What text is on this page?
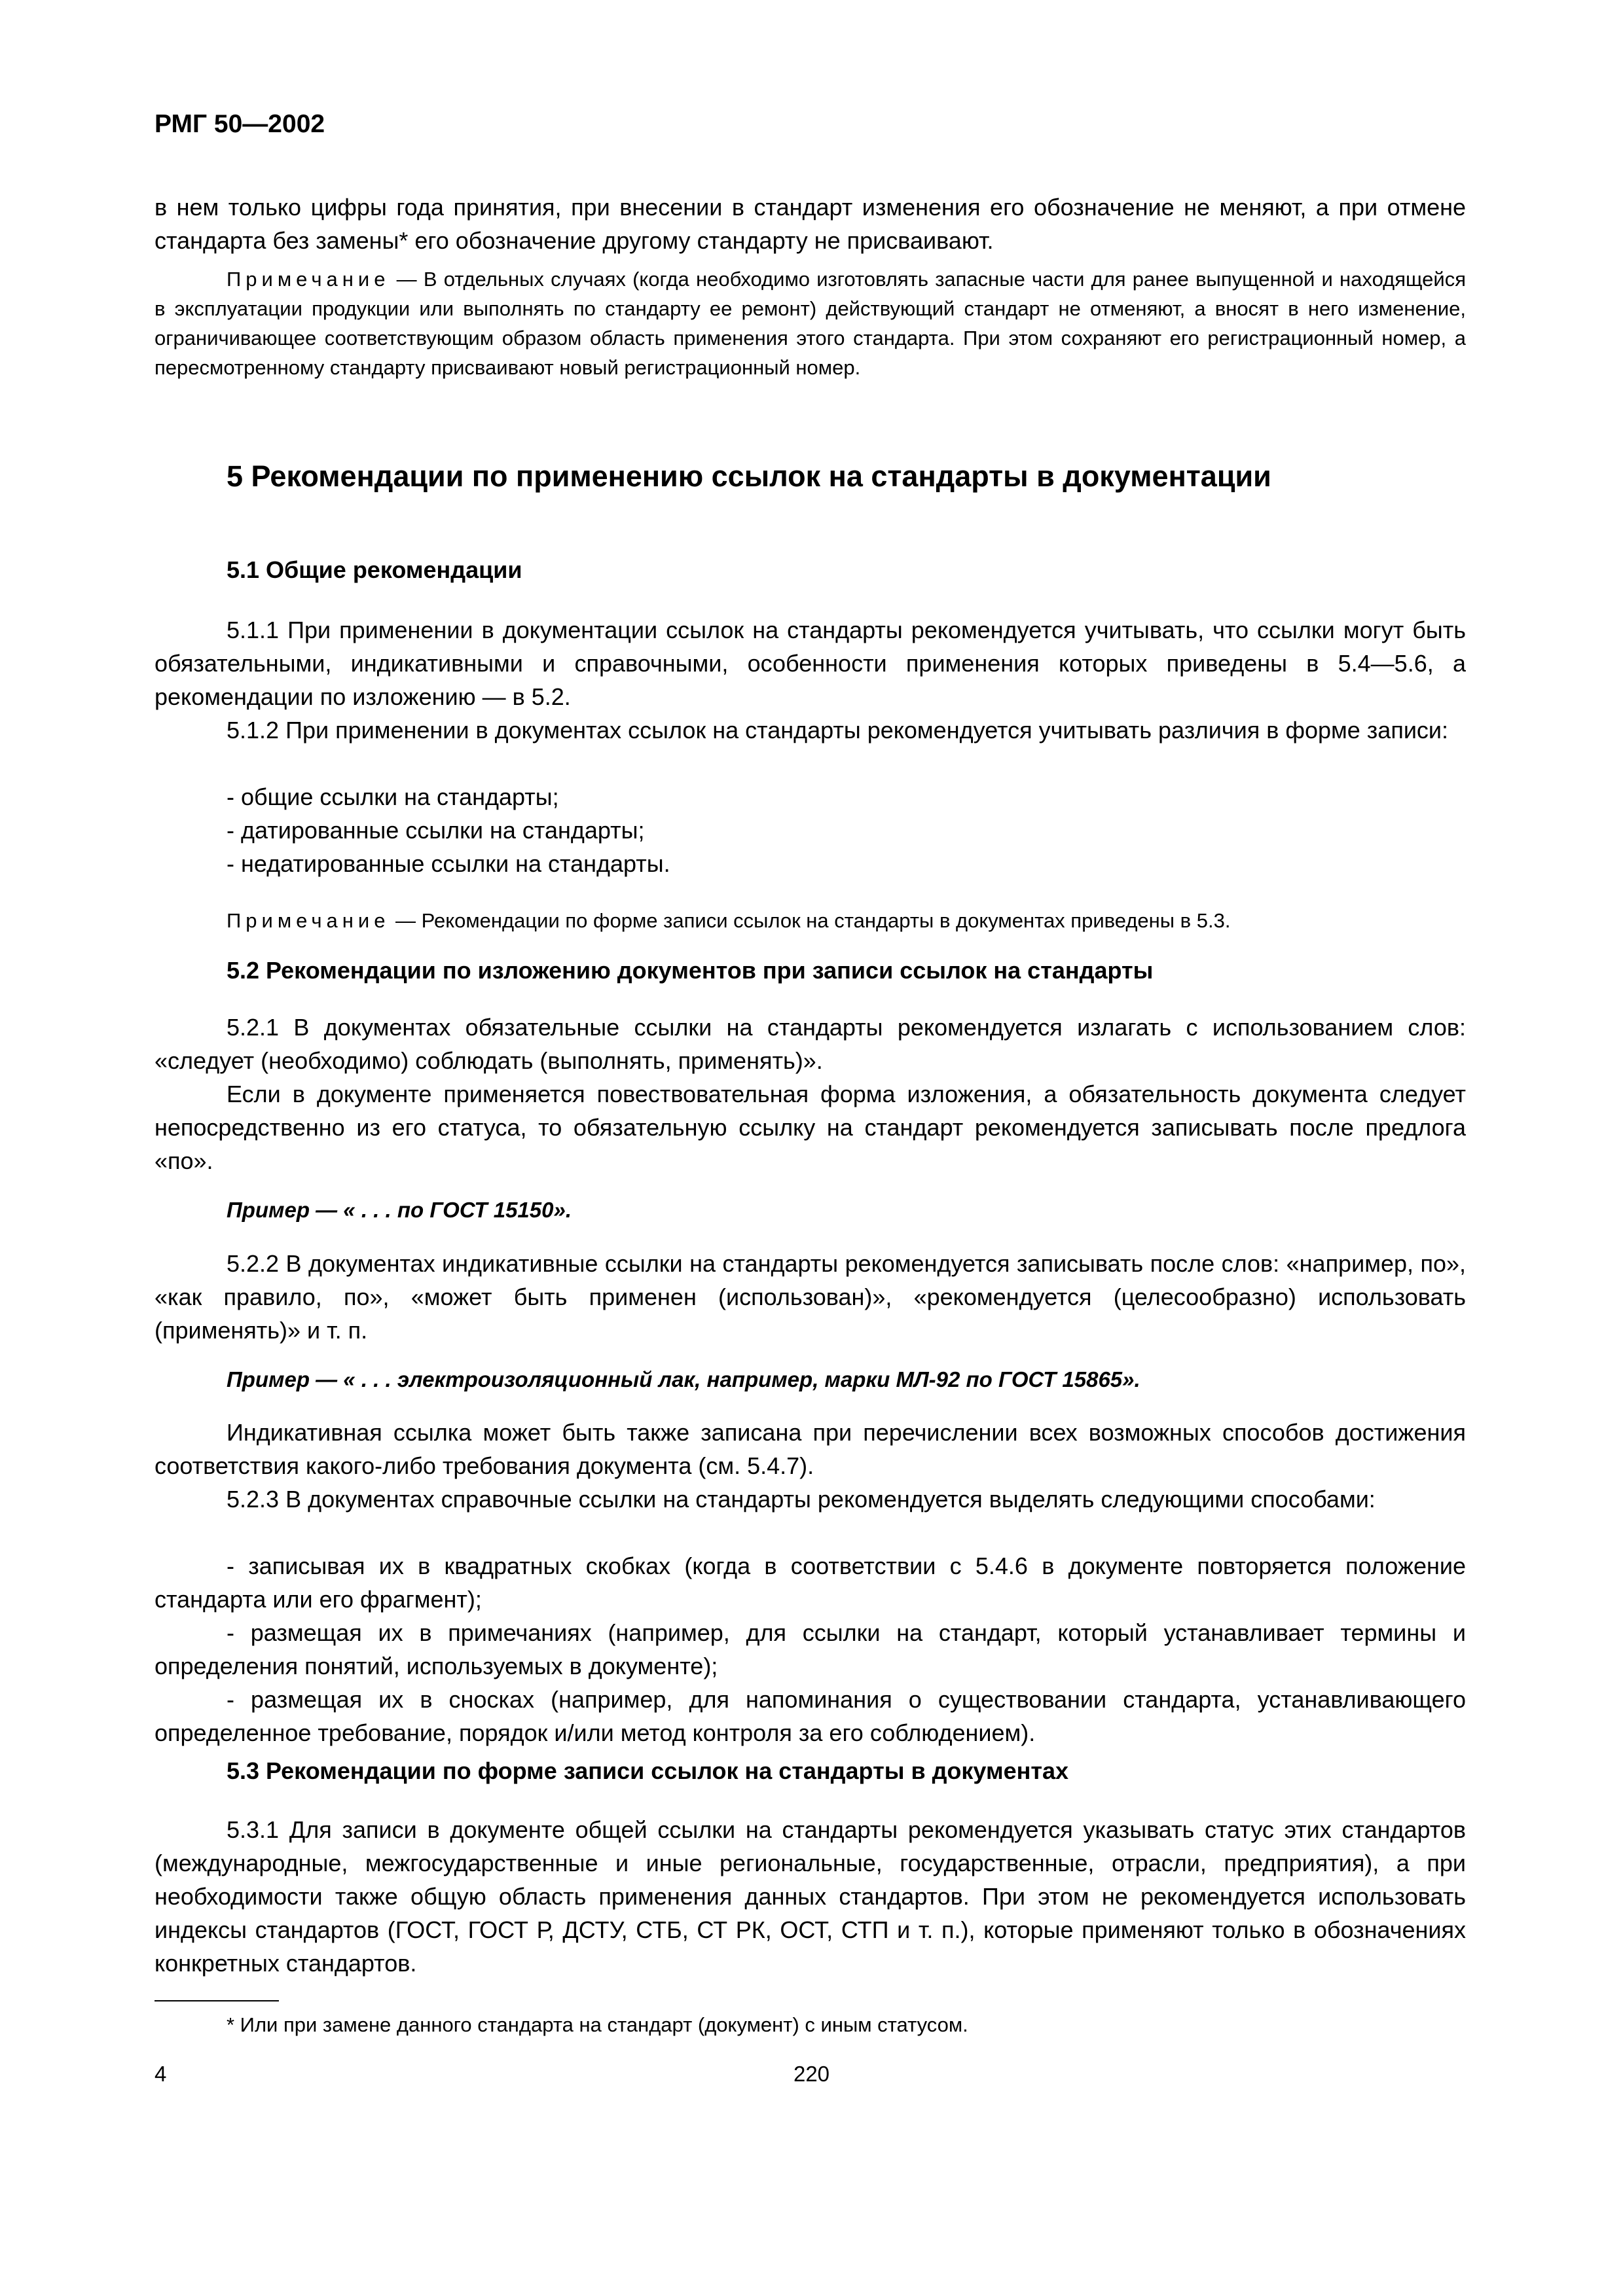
РМГ 50—2002

в нем только цифры года принятия, при внесении в стандарт изменения его обозначение не меняют, а при отмене стандарта без замены* его обозначение другому стандарту не присваивают.

Примечание — В отдельных случаях (когда необходимо изготовлять запасные части для ранее выпущенной и находящейся в эксплуатации продукции или выполнять по стандарту ее ремонт) действующий стандарт не отменяют, а вносят в него изменение, ограничивающее соответствующим образом область применения этого стандарта. При этом сохраняют его регистрационный номер, а пересмотренному стандарту присваивают новый регистрационный номер.

5 Рекомендации по применению ссылок на стандарты в документации
5.1 Общие рекомендации

5.1.1 При применении в документации ссылок на стандарты рекомендуется учитывать, что ссылки могут быть обязательными, индикативными и справочными, особенности применения которых приведены в 5.4—5.6, а рекомендации по изложению — в 5.2.

5.1.2 При применении в документах ссылок на стандарты рекомендуется учитывать различия в форме записи:

- общие ссылки на стандарты;

- датированные ссылки на стандарты;

- недатированные ссылки на стандарты.

Примечание — Рекомендации по форме записи ссылок на стандарты в документах приведены в 5.3.

5.2 Рекомендации по изложению документов при записи ссылок на стандарты

5.2.1 В документах обязательные ссылки на стандарты рекомендуется излагать с использованием слов: «следует (необходимо) соблюдать (выполнять, применять)».

Если в документе применяется повествовательная форма изложения, а обязательность документа следует непосредственно из его статуса, то обязательную ссылку на стандарт рекомендуется записывать после предлога «по».

Пример — « . . . по ГОСТ 15150».

5.2.2 В документах индикативные ссылки на стандарты рекомендуется записывать после слов: «например, по», «как правило, по», «может быть применен (использован)», «рекомендуется (целесообразно) использовать (применять)» и т. п.

Пример — « . . . электроизоляционный лак, например, марки МЛ-92 по ГОСТ 15865».

Индикативная ссылка может быть также записана при перечислении всех возможных способов достижения соответствия какого-либо требования документа (см. 5.4.7).

5.2.3 В документах справочные ссылки на стандарты рекомендуется выделять следующими способами:

- записывая их в квадратных скобках (когда в соответствии с 5.4.6 в документе повторяется положение стандарта или его фрагмент);

- размещая их в примечаниях (например, для ссылки на стандарт, который устанавливает термины и определения понятий, используемых в документе);

- размещая их в сносках (например, для напоминания о существовании стандарта, устанавливающего определенное требование, порядок и/или метод контроля за его соблюдением).

5.3 Рекомендации по форме записи ссылок на стандарты в документах

5.3.1 Для записи в документе общей ссылки на стандарты рекомендуется указывать статус этих стандартов (международные, межгосударственные и иные региональные, государственные, отрасли, предприятия), а при необходимости также общую область применения данных стандартов. При этом не рекомендуется использовать индексы стандартов (ГОСТ, ГОСТ Р, ДСТУ, СТБ, СТ РК, ОСТ, СТП и т. п.), которые применяют только в обозначениях конкретных стандартов.

* Или при замене данного стандарта на стандарт (документ) с иным статусом.

4	220
